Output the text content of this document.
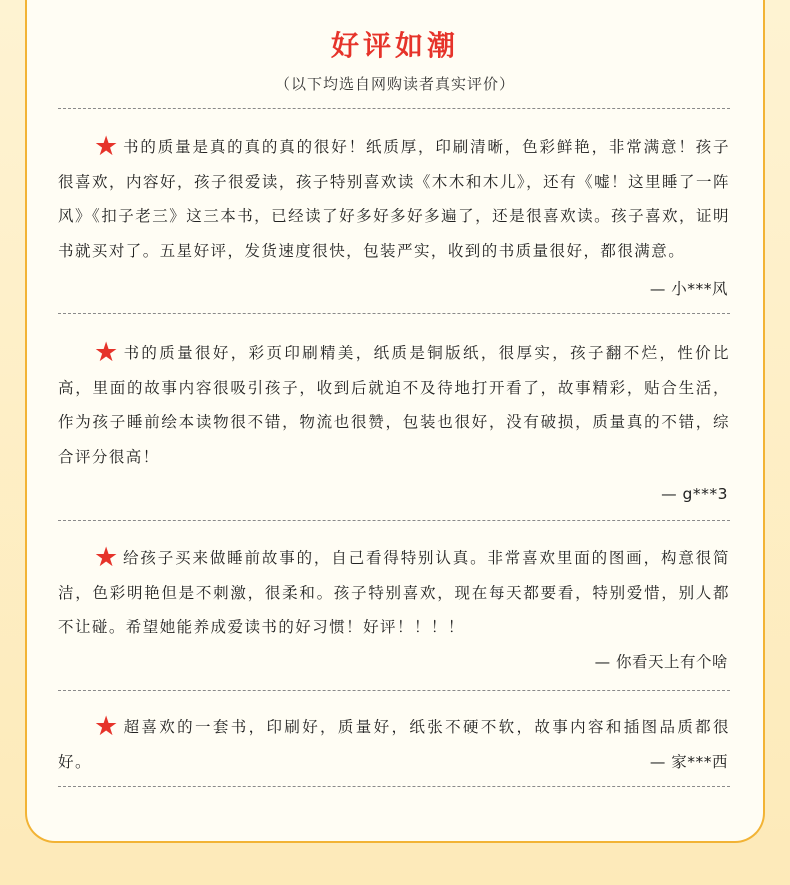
好评如潮
（以下均选自网购读者真实评价）
★ 书的质量是真的真的真的很好！纸质厚，印刷清晰，色彩鲜艳，非常满意！孩子很喜欢，内容好，孩子很爱读，孩子特别喜欢读《木木和木儿》，还有《嘘！这里睡了一阵风》《扣子老三》这三本书，已经读了好多好多好多遍了，还是很喜欢读。孩子喜欢，证明书就买对了。五星好评，发货速度很快，包装严实，收到的书质量很好，都很满意。
— 小***风
★ 书的质量很好，彩页印刷精美，纸质是铜版纸，很厚实，孩子翻不烂，性价比高，里面的故事内容很吸引孩子，收到后就迫不及待地打开看了，故事精彩，贴合生活，作为孩子睡前绘本读物很不错，物流也很赞，包装也很好，没有破损，质量真的不错，综合评分很高！
— g***3
★ 给孩子买来做睡前故事的，自己看得特别认真。非常喜欢里面的图画，构意很简洁，色彩明艳但是不刺激，很柔和。孩子特别喜欢，现在每天都要看，特别爱惜，别人都不让碰。希望她能养成爱读书的好习惯！好评！！！！
— 你看天上有个啥
★ 超喜欢的一套书，印刷好，质量好，纸张不硬不软，故事内容和插图品质都很好。	— 家***西
